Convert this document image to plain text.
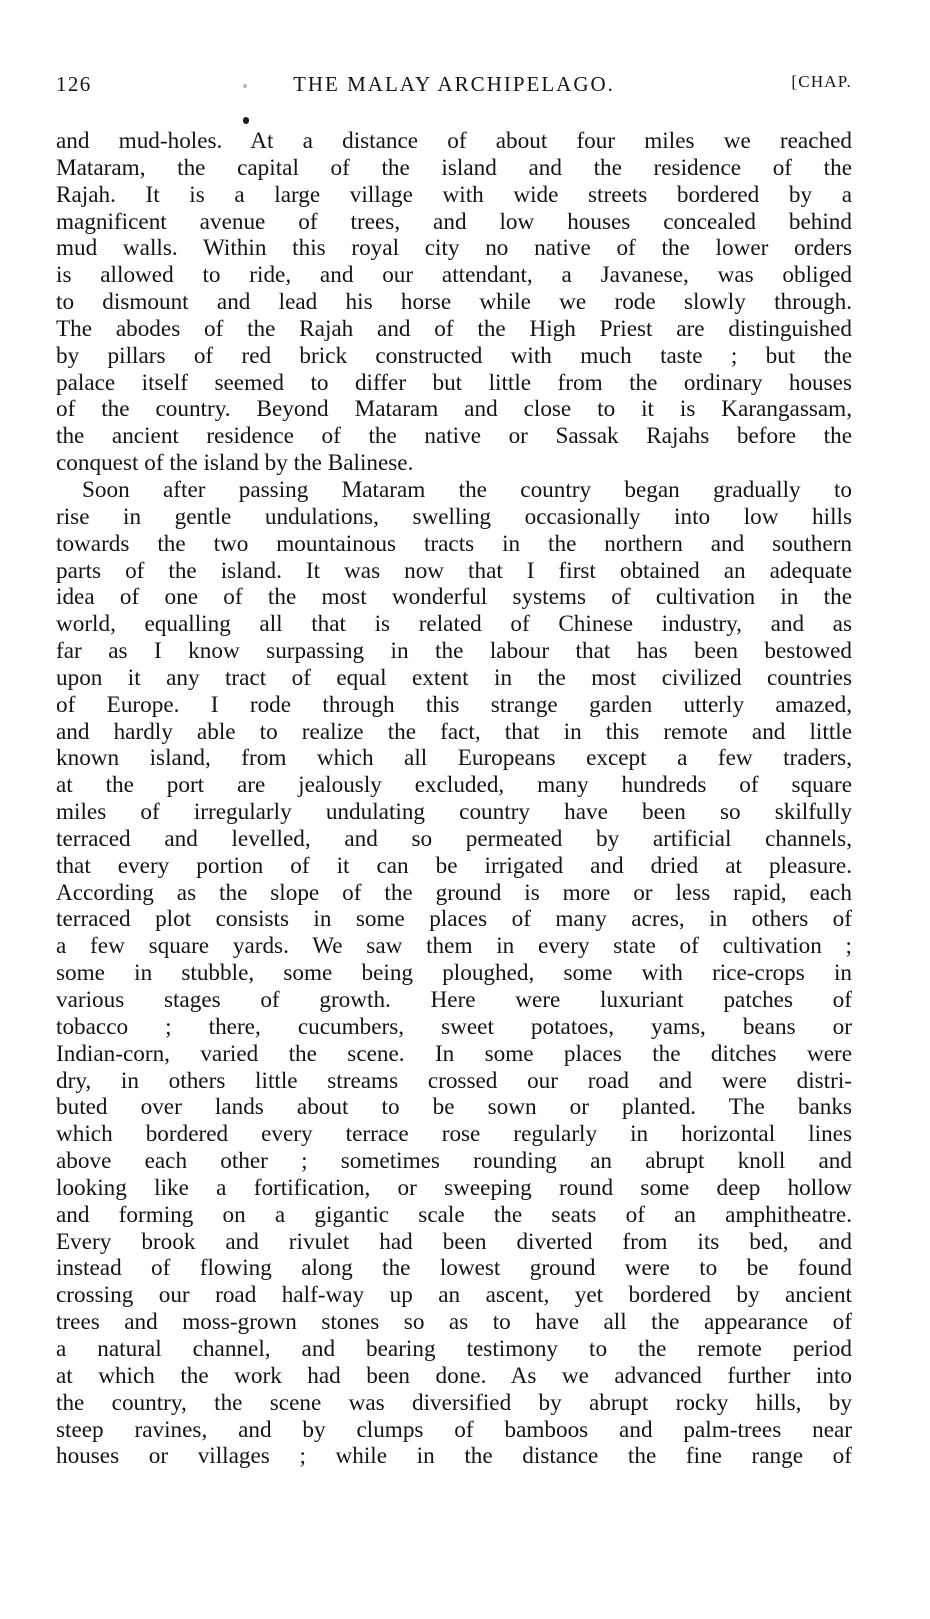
126	THE MALAY ARCHIPELAGO.	[CHAP.
and mud-holes. At a distance of about four miles we reached
Mataram, the capital of the island and the residence of the
Rajah. It is a large village with wide streets bordered by a
magnificent avenue of trees, and low houses concealed behind
mud walls. Within this royal city no native of the lower orders
is allowed to ride, and our attendant, a Javanese, was obliged
to dismount and lead his horse while we rode slowly through.
The abodes of the Rajah and of the High Priest are distinguished
by pillars of red brick constructed with much taste ; but the
palace itself seemed to differ but little from the ordinary houses
of the country. Beyond Mataram and close to it is Karangassam,
the ancient residence of the native or Sassak Rajahs before the
conquest of the island by the Balinese.
Soon after passing Mataram the country began gradually to
rise in gentle undulations, swelling occasionally into low hills
towards the two mountainous tracts in the northern and southern
parts of the island. It was now that I first obtained an adequate
idea of one of the most wonderful systems of cultivation in the
world, equalling all that is related of Chinese industry, and as
far as I know surpassing in the labour that has been bestowed
upon it any tract of equal extent in the most civilized countries
of Europe. I rode through this strange garden utterly amazed,
and hardly able to realize the fact, that in this remote and little
known island, from which all Europeans except a few traders,
at the port are jealously excluded, many hundreds of square
miles of irregularly undulating country have been so skilfully
terraced and levelled, and so permeated by artificial channels,
that every portion of it can be irrigated and dried at pleasure.
According as the slope of the ground is more or less rapid, each
terraced plot consists in some places of many acres, in others of
a few square yards. We saw them in every state of cultivation ;
some in stubble, some being ploughed, some with rice-crops in
various stages of growth. Here were luxuriant patches of
tobacco ; there, cucumbers, sweet potatoes, yams, beans or
Indian-corn, varied the scene. In some places the ditches were
dry, in others little streams crossed our road and were distri-
buted over lands about to be sown or planted. The banks
which bordered every terrace rose regularly in horizontal lines
above each other ; sometimes rounding an abrupt knoll and
looking like a fortification, or sweeping round some deep hollow
and forming on a gigantic scale the seats of an amphitheatre.
Every brook and rivulet had been diverted from its bed, and
instead of flowing along the lowest ground were to be found
crossing our road half-way up an ascent, yet bordered by ancient
trees and moss-grown stones so as to have all the appearance of
a natural channel, and bearing testimony to the remote period
at which the work had been done. As we advanced further into
the country, the scene was diversified by abrupt rocky hills, by
steep ravines, and by clumps of bamboos and palm-trees near
houses or villages ; while in the distance the fine range of
